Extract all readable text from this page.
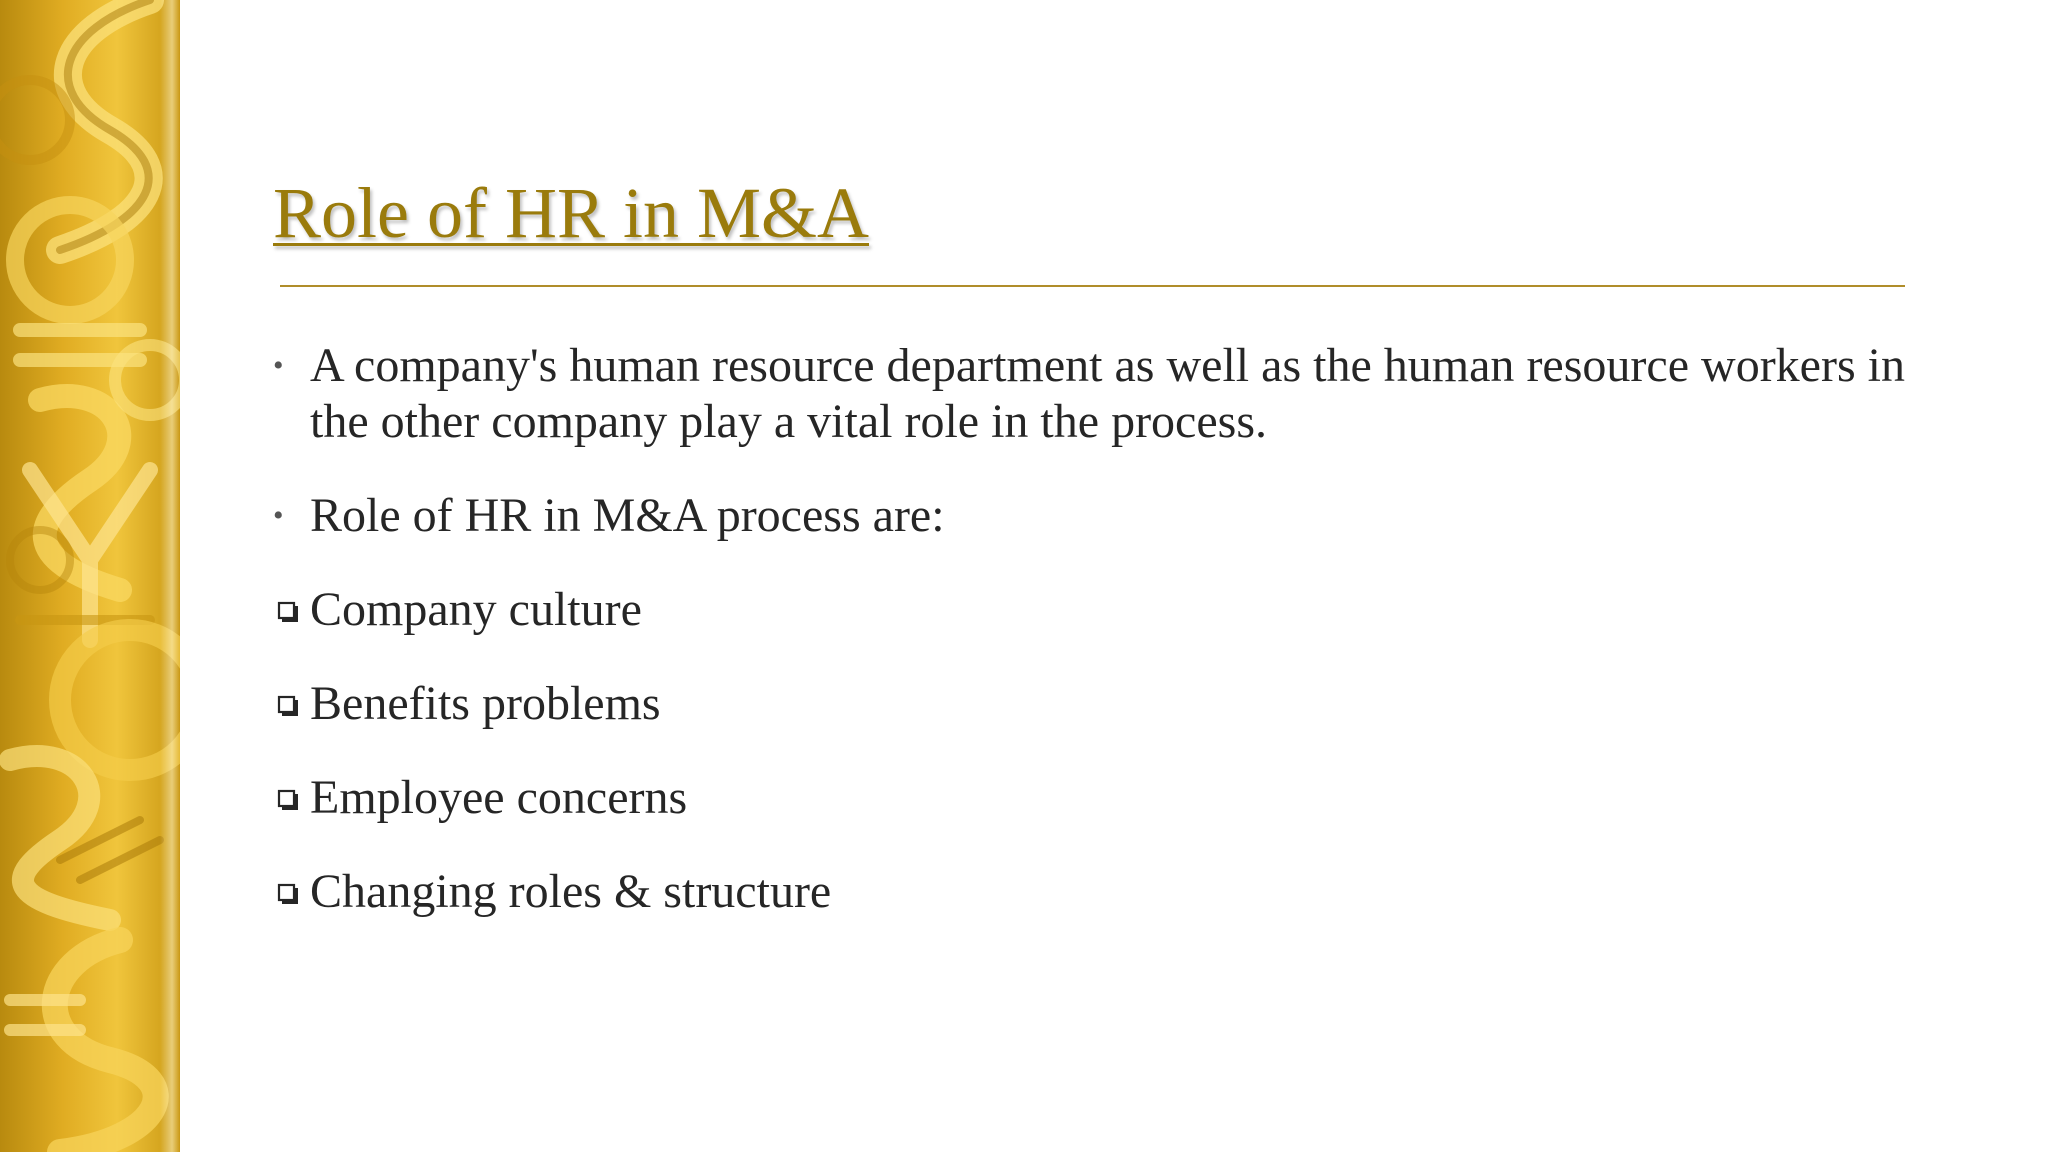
Role of HR in M&A
• A company's human resource department as well as the human resource workers in the other company play a vital role in the process.
• Role of HR in M&A process are:
Company culture
Benefits problems
Employee concerns
Changing roles & structure
